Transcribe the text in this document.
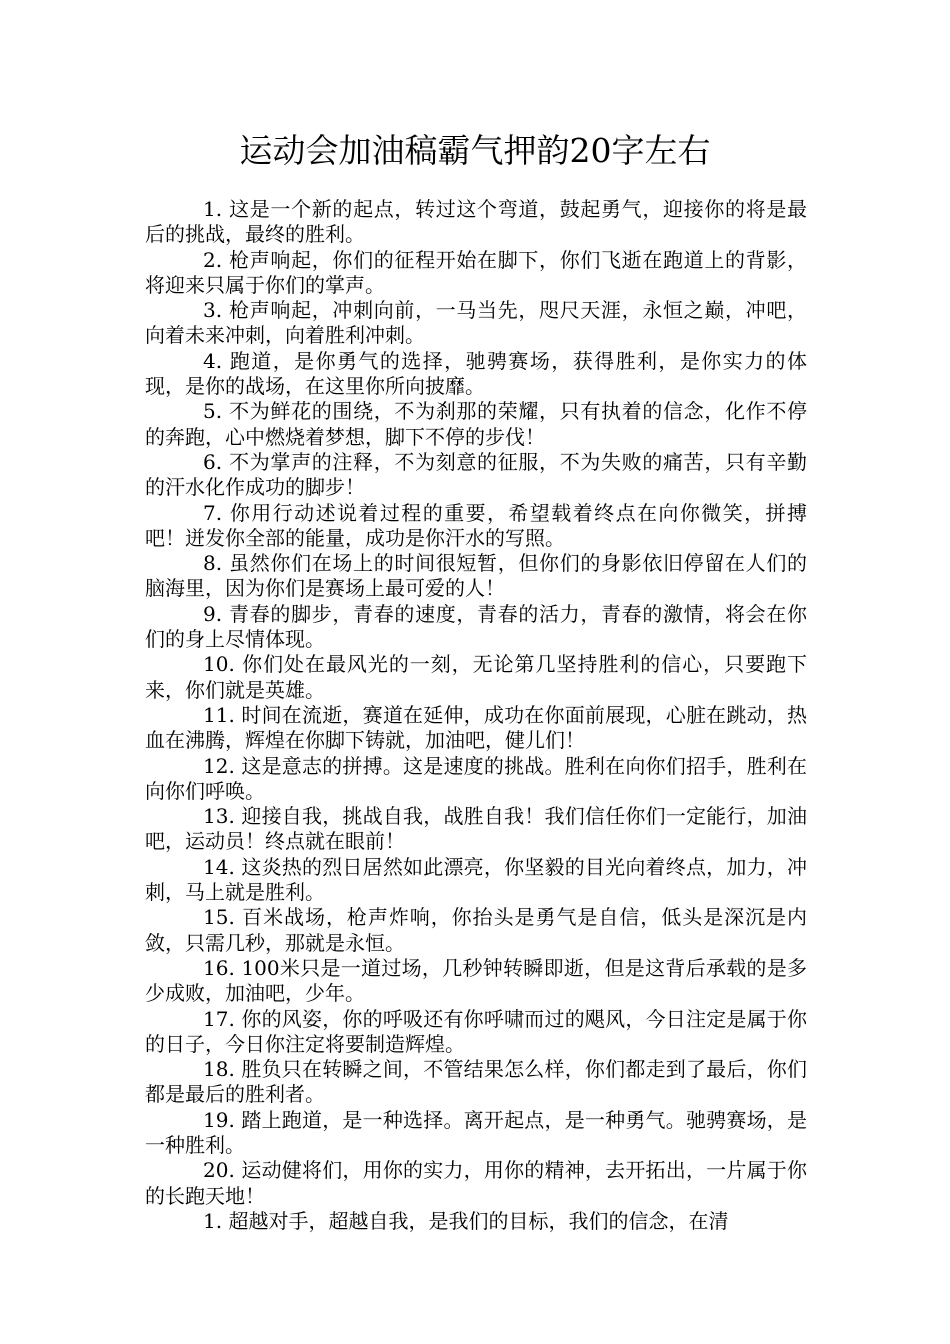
运动会加油稿霸气押韵20字左右

1. 这是一个新的起点，转过这个弯道，鼓起勇气，迎接你的将是最后的挑战，最终的胜利。

2. 枪声响起，你们的征程开始在脚下，你们飞逝在跑道上的背影，将迎来只属于你们的掌声。

3. 枪声响起，冲刺向前，一马当先，咫尺天涯，永恒之巅，冲吧，向着未来冲刺，向着胜利冲刺。

4. 跑道，是你勇气的选择，驰骋赛场，获得胜利，是你实力的体现，是你的战场，在这里你所向披靡。

5. 不为鲜花的围绕，不为刹那的荣耀，只有执着的信念，化作不停的奔跑，心中燃烧着梦想，脚下不停的步伐！

6. 不为掌声的注释，不为刻意的征服，不为失败的痛苦，只有辛勤的汗水化作成功的脚步！

7. 你用行动述说着过程的重要，希望载着终点在向你微笑，拼搏吧！迸发你全部的能量，成功是你汗水的写照。

8. 虽然你们在场上的时间很短暂，但你们的身影依旧停留在人们的脑海里，因为你们是赛场上最可爱的人！

9. 青春的脚步，青春的速度，青春的活力，青春的激情，将会在你们的身上尽情体现。

10. 你们处在最风光的一刻，无论第几坚持胜利的信心，只要跑下来，你们就是英雄。

11. 时间在流逝，赛道在延伸，成功在你面前展现，心脏在跳动，热血在沸腾，辉煌在你脚下铸就，加油吧，健儿们！

12. 这是意志的拼搏。这是速度的挑战。胜利在向你们招手，胜利在向你们呼唤。

13. 迎接自我，挑战自我，战胜自我！我们信任你们一定能行，加油吧，运动员！终点就在眼前！

14. 这炎热的烈日居然如此漂亮，你坚毅的目光向着终点，加力，冲刺，马上就是胜利。

15. 百米战场，枪声炸响，你抬头是勇气是自信，低头是深沉是内敛，只需几秒，那就是永恒。

16. 100米只是一道过场，几秒钟转瞬即逝，但是这背后承载的是多少成败，加油吧，少年。

17. 你的风姿，你的呼吸还有你呼啸而过的飓风，今日注定是属于你的日子，今日你注定将要制造辉煌。

18. 胜负只在转瞬之间，不管结果怎么样，你们都走到了最后，你们都是最后的胜利者。

19. 踏上跑道，是一种选择。离开起点，是一种勇气。驰骋赛场，是一种胜利。

20. 运动健将们，用你的实力，用你的精神，去开拓出，一片属于你的长跑天地！

1. 超越对手，超越自我，是我们的目标，我们的信念，在清
